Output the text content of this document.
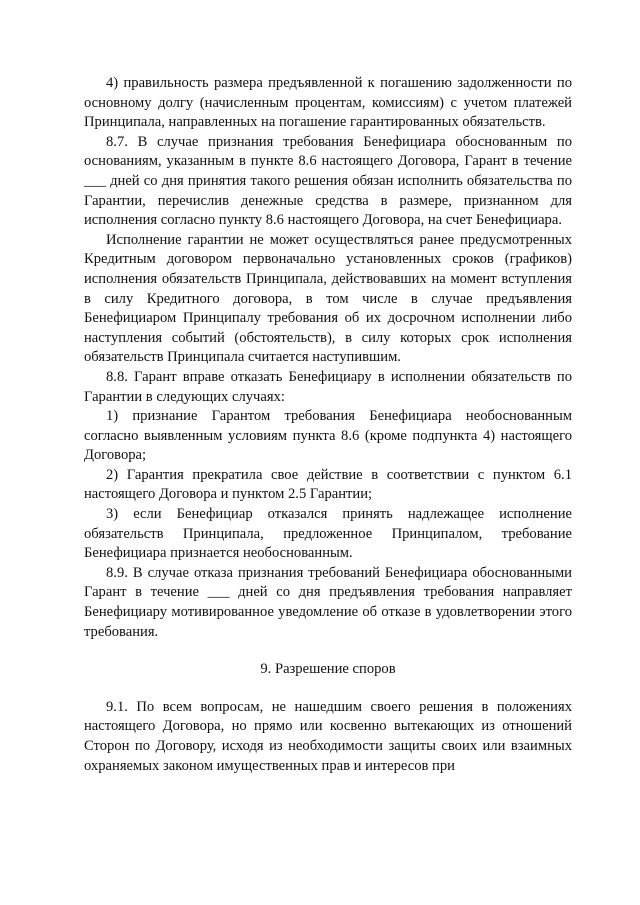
4) правильность размера предъявленной к погашению задолженности по основному долгу (начисленным процентам, комиссиям) с учетом платежей Принципала, направленных на погашение гарантированных обязательств.

8.7. В случае признания требования Бенефициара обоснованным по основаниям, указанным в пункте 8.6 настоящего Договора, Гарант в течение ___ дней со дня принятия такого решения обязан исполнить обязательства по Гарантии, перечислив денежные средства в размере, признанном для исполнения согласно пункту 8.6 настоящего Договора, на счет Бенефициара.

Исполнение гарантии не может осуществляться ранее предусмотренных Кредитным договором первоначально установленных сроков (графиков) исполнения обязательств Принципала, действовавших на момент вступления в силу Кредитного договора, в том числе в случае предъявления Бенефициаром Принципалу требования об их досрочном исполнении либо наступления событий (обстоятельств), в силу которых срок исполнения обязательств Принципала считается наступившим.

8.8. Гарант вправе отказать Бенефициару в исполнении обязательств по Гарантии в следующих случаях:

1) признание Гарантом требования Бенефициара необоснованным согласно выявленным условиям пункта 8.6 (кроме подпункта 4) настоящего Договора;

2) Гарантия прекратила свое действие в соответствии с пунктом 6.1 настоящего Договора и пунктом 2.5 Гарантии;

3) если Бенефициар отказался принять надлежащее исполнение обязательств Принципала, предложенное Принципалом, требование Бенефициара признается необоснованным.

8.9. В случае отказа признания требований Бенефициара обоснованными Гарант в течение ___ дней со дня предъявления требования направляет Бенефициару мотивированное уведомление об отказе в удовлетворении этого требования.

9. Разрешение споров

9.1. По всем вопросам, не нашедшим своего решения в положениях настоящего Договора, но прямо или косвенно вытекающих из отношений Сторон по Договору, исходя из необходимости защиты своих или взаимных охраняемых законом имущественных прав и интересов при
